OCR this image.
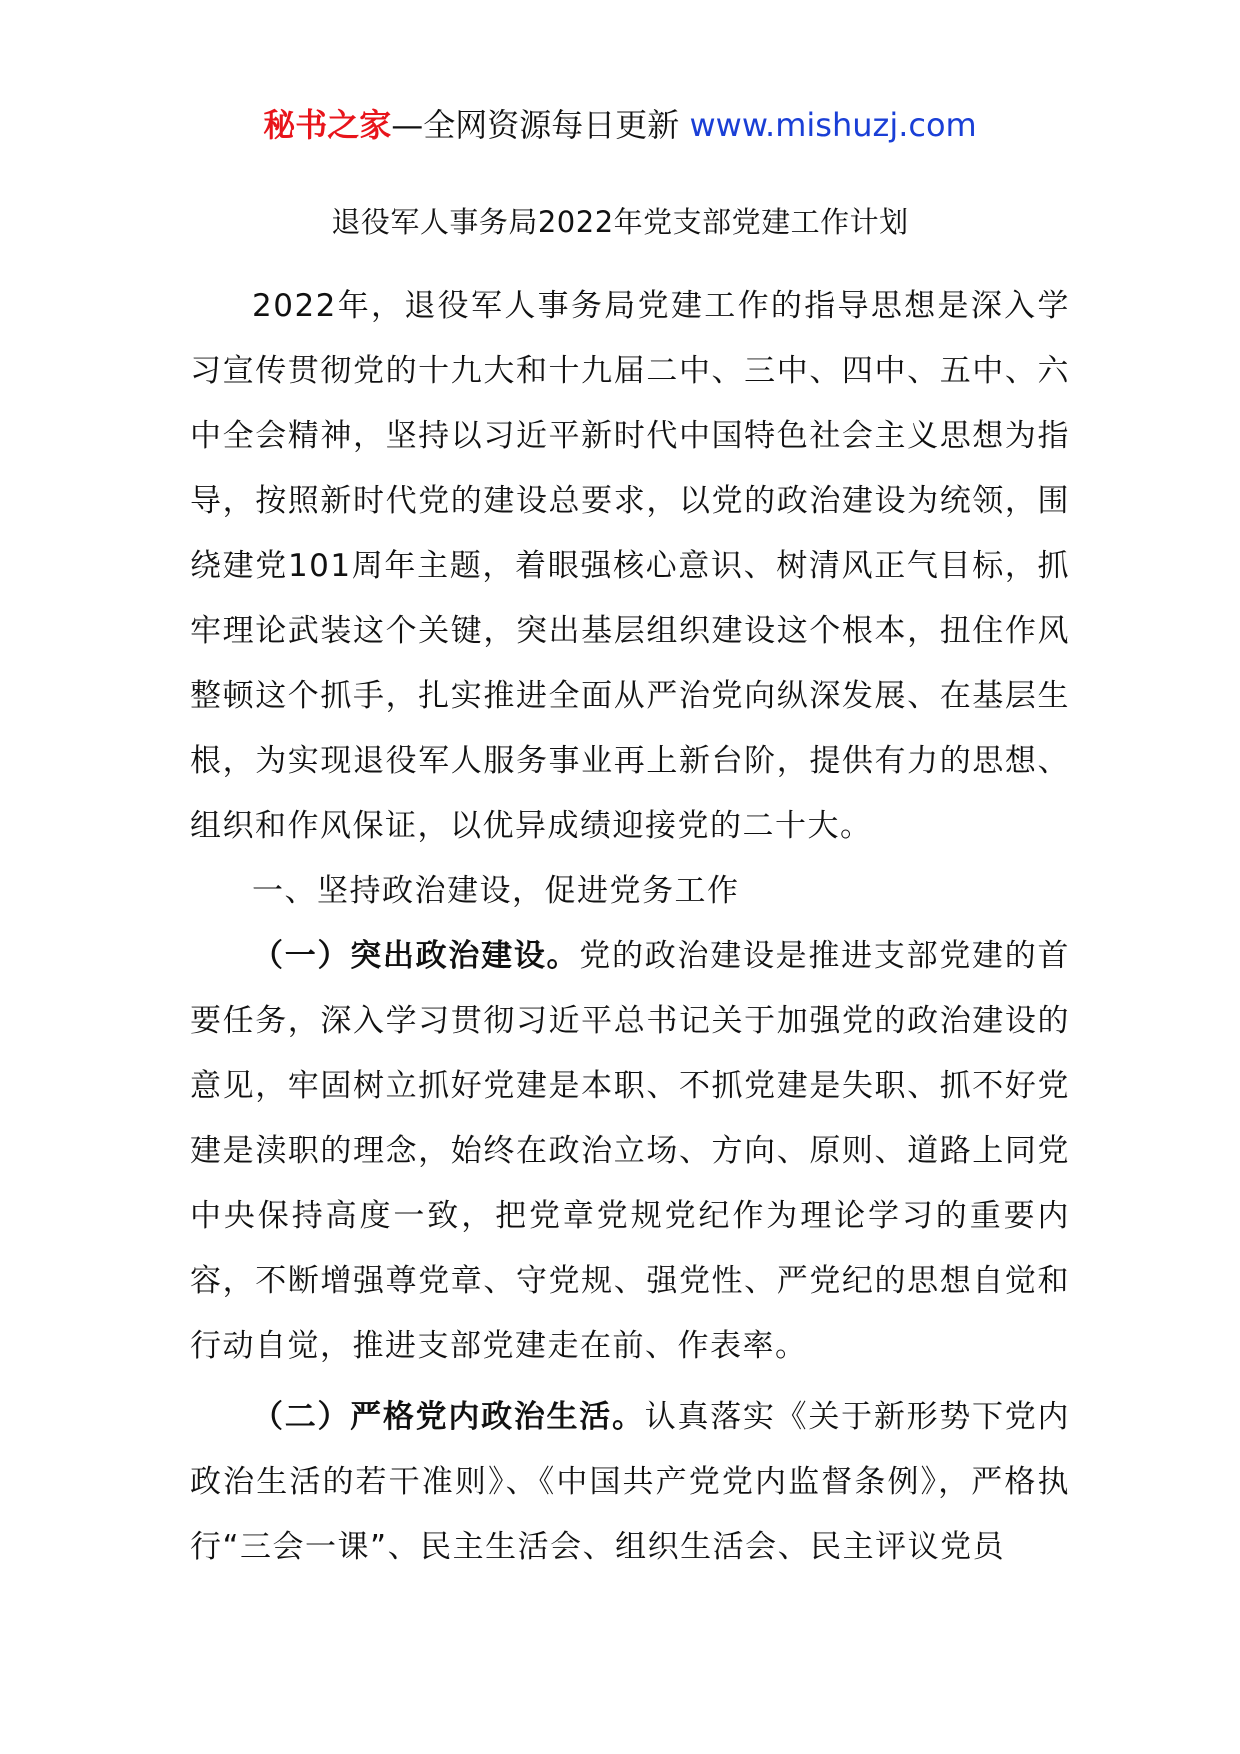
秘书之家—全网资源每日更新 www.mishuzj.com
退役军人事务局2022年党支部党建工作计划

2022年，退役军人事务局党建工作的指导思想是深入学习宣传贯彻党的十九大和十九届二中、三中、四中、五中、六中全会精神，坚持以习近平新时代中国特色社会主义思想为指导，按照新时代党的建设总要求，以党的政治建设为统领，围绕建党101周年主题，着眼强核心意识、树清风正气目标，抓牢理论武装这个关键，突出基层组织建设这个根本，扭住作风整顿这个抓手，扎实推进全面从严治党向纵深发展、在基层生根，为实现退役军人服务事业再上新台阶，提供有力的思想、组织和作风保证，以优异成绩迎接党的二十大。

一、坚持政治建设，促进党务工作

（一）突出政治建设。党的政治建设是推进支部党建的首要任务，深入学习贯彻习近平总书记关于加强党的政治建设的意见，牢固树立抓好党建是本职、不抓党建是失职、抓不好党建是渎职的理念，始终在政治立场、方向、原则、道路上同党中央保持高度一致，把党章党规党纪作为理论学习的重要内容，不断增强尊党章、守党规、强党性、严党纪的思想自觉和行动自觉，推进支部党建走在前、作表率。

（二）严格党内政治生活。认真落实《关于新形势下党内政治生活的若干准则》、《中国共产党党内监督条例》，严格执行“三会一课”、民主生活会、组织生活会、民主评议党员
